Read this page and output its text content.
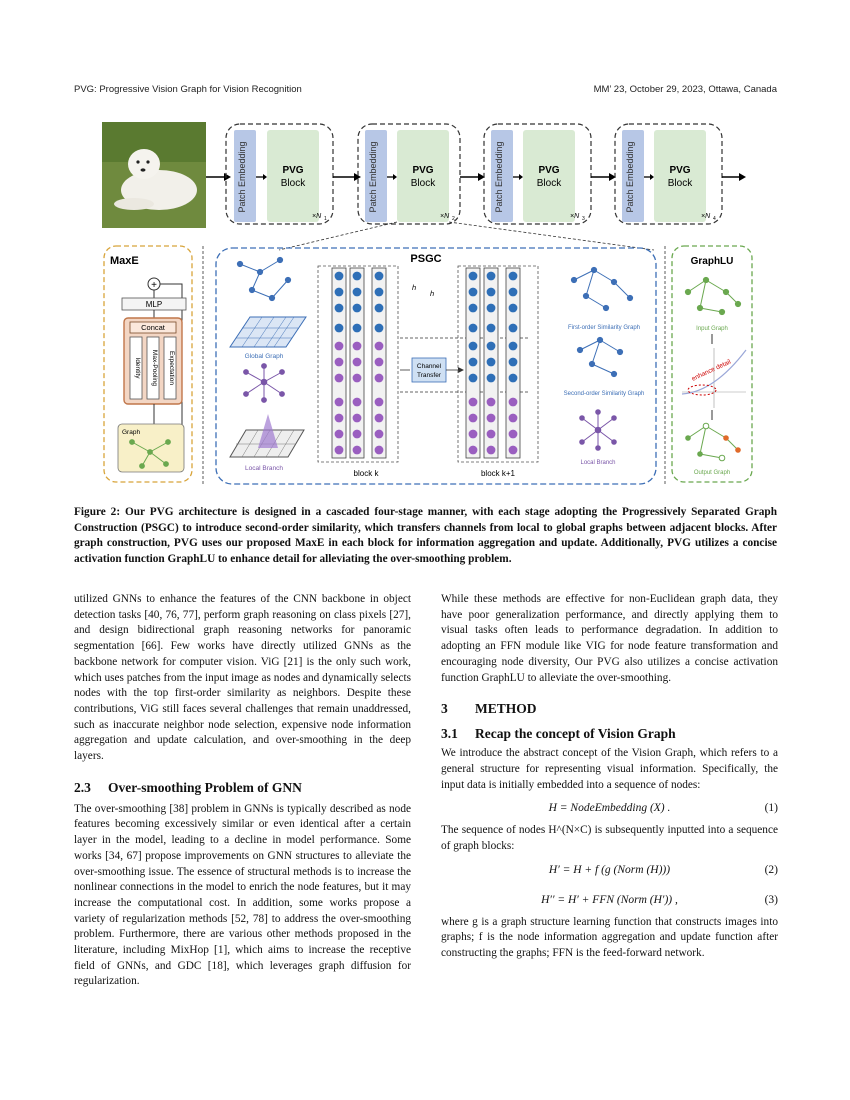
PVG: Progressive Vision Graph for Vision Recognition	MM’ 23, October 29, 2023, Ottawa, Canada
Patch Embedding	PVG
Block
×N 1
Patch Embedding	PVG
Block
×N 2
Patch Embedding	PVG
Block
×N 3
Patch Embedding	PVG
Block
×N 4
MaxE
+
MLP
Concat
Identity Max-Pooling Expectation
Graph
PSGC
Global Graph
Local Branch
block k
Channel
Transfer
h
h
block k+1
First-order Similarity Graph
Second-order Similarity Graph
Local Branch
GraphLU
Input Graph
enhance detail
Output Graph
Figure 2: Our PVG architecture is designed in a cascaded four-stage manner, with each stage adopting the Progressively Separated Graph Construction (PSGC) to introduce second-order similarity, which transfers channels from local to global graphs between adjacent blocks. After graph construction, PVG uses our proposed MaxE in each block for information aggregation and update. Additionally, PVG utilizes a concise activation function GraphLU to enhance detail for alleviating the over-smoothing problem.

utilized GNNs to enhance the features of the CNN backbone in object detection tasks [40, 76, 77], perform graph reasoning on class pixels [27], and design bidirectional graph reasoning networks for panoramic segmentation [66]. Few works have directly utilized GNNs as the backbone network for computer vision. ViG [21] is the only such work, which uses patches from the input image as nodes and dynamically selects nodes with the top first-order similarity as neighbors. Despite these contributions, ViG still faces several challenges that remain unaddressed, such as inaccurate neighbor node selection, expensive node information aggregation and update calculation, and over-smoothing in the deep layers.

2.3 Over-smoothing Problem of GNN

The over-smoothing [38] problem in GNNs is typically described as node features becoming excessively similar or even identical after a certain layer in the model, leading to a decline in model performance. Some works [34, 67] propose improvements on GNN structures to alleviate the over-smoothing issue. The essence of structural methods is to increase the nonlinear connections in the model to enrich the node features, but it may increase the computational cost. In addition, some works propose a variety of regularization methods [52, 78] to address the over-smoothing problem. Furthermore, there are various other methods proposed in the literature, including MixHop [1], which aims to increase the receptive field of GNNs, and GDC [18], which leverages graph diffusion for regularization.

While these methods are effective for non-Euclidean graph data, they have poor generalization performance, and directly applying them to visual tasks often leads to performance degradation. In addition to adopting an FFN module like VIG for node feature transformation and encouraging node diversity, Our PVG also utilizes a concise activation function GraphLU to alleviate the over-smoothing.

3 METHOD
3.1 Recap the concept of Vision Graph

We introduce the abstract concept of the Vision Graph, which refers to a general structure for representing visual information. Specifically, the input data is initially embedded into a sequence of nodes:

H = NodeEmbedding (X) .	(1)

The sequence of nodes H^(N×C) is subsequently inputted into a sequence of graph blocks:

H′ = H + f (g (Norm (H)))	(2)
H′′ = H′ + FFN (Norm (H′)) ,	(3)

where g is a graph structure learning function that constructs images into graphs; f is the node information aggregation and update function after constructing the graphs; FFN is the feed-forward network.
